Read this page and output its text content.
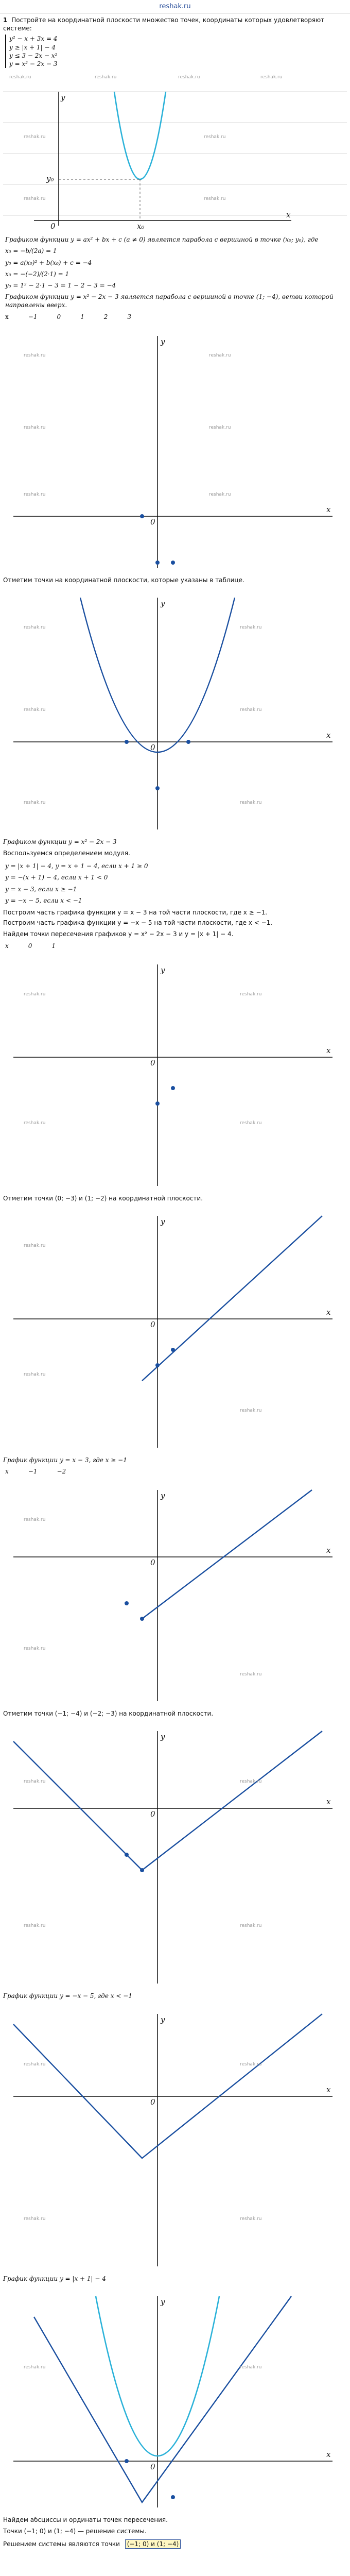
reshak.ru
1 Постройте на координатной плоскости множество точек, координаты которых удовлетворяют системе:
y² − x + 3x = 4
y ≥ |x + 1| − 4
y ≤ 3 − 2x − x²
y = x² − 2x − 3
y
x
0
y₀
x₀
reshak.ru	reshak.ru	reshak.ru	reshak.ru
reshak.ru	reshak.ru
reshak.ru	reshak.ru
Графиком функции y = ax² + bx + c (a ≠ 0) является парабола с вершиной в точке (x₀; y₀), где
x₀ = −b/(2a) = 1
y₀ = a(x₀)² + b(x₀) + c = −4
x₀ = −(−2)/(2·1) = 1
y₀ = 1² − 2·1 − 3 = 1 − 2 − 3 = −4
Графиком функции y = x² − 2x − 3 является парабола с вершиной в точке (1; −4), ветви которой направлены вверх.
x	−1	0	1	2	3
y
x
0
reshak.ru	reshak.ru
reshak.ru	reshak.ru
reshak.ru	reshak.ru
Отметим точки на координатной плоскости, которые указаны в таблице.
y
x
0
reshak.ru	reshak.ru
reshak.ru	reshak.ru
reshak.ru	reshak.ru
Графиком функции y = x² − 2x − 3
Воспользуемся определением модуля.
y = |x + 1| − 4, y = x + 1 − 4, если x + 1 ≥ 0
y = −(x + 1) − 4, если x + 1 < 0
y = x − 3, если x ≥ −1
y = −x − 5, если x < −1
Построим часть графика функции y = x − 3 на той части плоскости, где x ≥ −1.
Построим часть графика функции y = −x − 5 на той части плоскости, где x < −1.
Найдем точки пересечения графиков y = x² − 2x − 3 и y = |x + 1| − 4.
x	0	1
y
x
0
reshak.ru	reshak.ru
reshak.ru	reshak.ru
Отметим точки (0; −3) и (1; −2) на координатной плоскости.
y
x
0
reshak.ru
reshak.ru
reshak.ru
График функции y = x − 3, где x ≥ −1
x	−1	−2
y
x
0
reshak.ru
reshak.ru
reshak.ru
Отметим точки (−1; −4) и (−2; −3) на координатной плоскости.
y
x
0
reshak.ru	reshak.ru
reshak.ru	reshak.ru
График функции y = −x − 5, где x < −1
y
x
0
reshak.ru	reshak.ru
reshak.ru	reshak.ru
График функции y = |x + 1| − 4
y
x
0
reshak.ru	reshak.ru
Найдем абсциссы и ординаты точек пересечения.
Точки (−1; 0) и (1; −4) — решение системы.
Решением системы являются точки (−1; 0) и (1; −4)
